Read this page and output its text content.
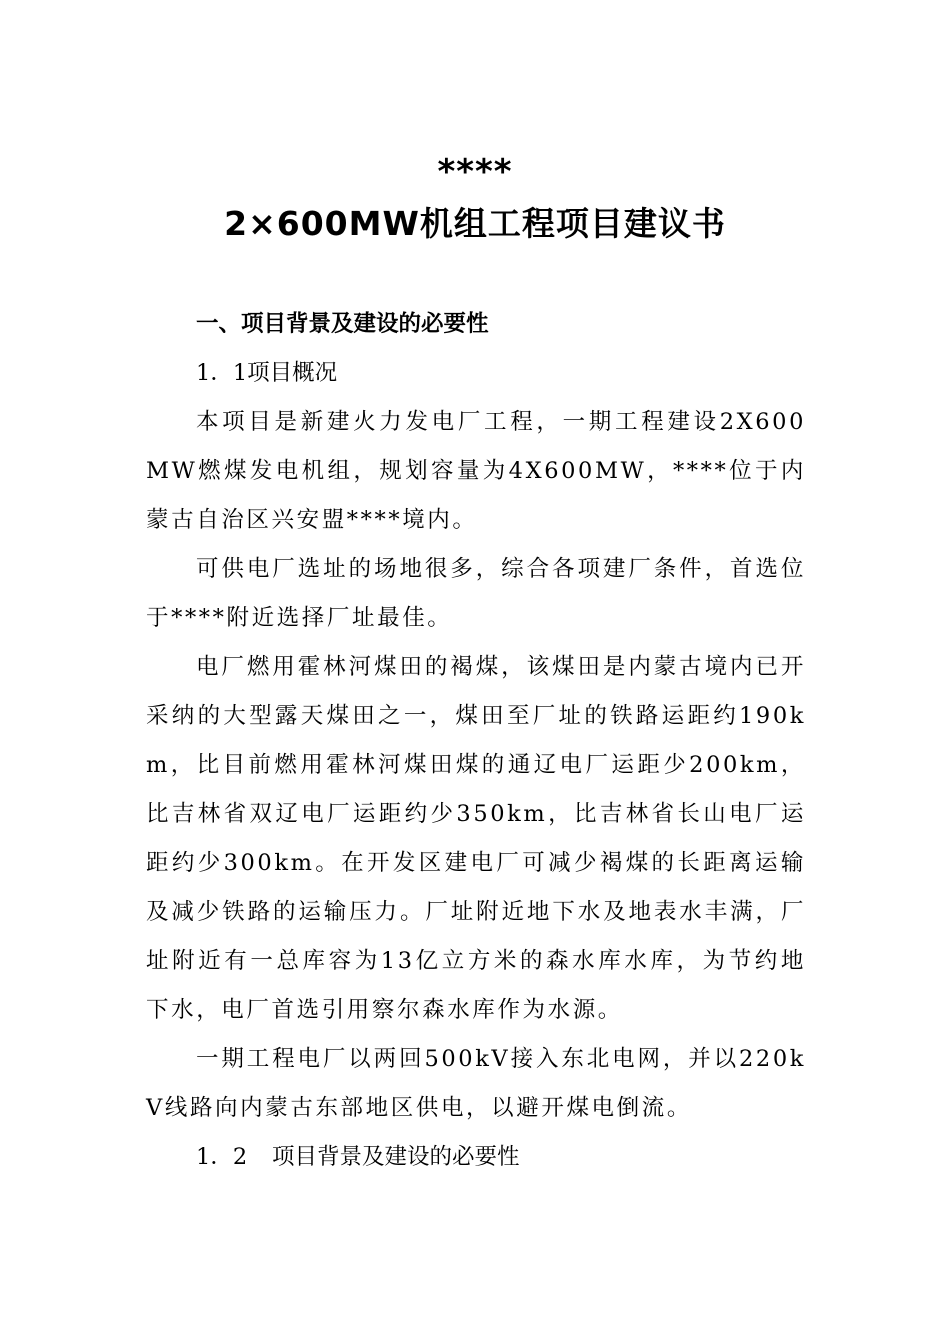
****
2×600MW机组工程项目建议书

一、项目背景及建设的必要性

1．1项目概况

本项目是新建火力发电厂工程，一期工程建设2X600MW燃煤发电机组，规划容量为4X600MW，****位于内蒙古自治区兴安盟****境内。

可供电厂选址的场地很多，综合各项建厂条件，首选位于****附近选择厂址最佳。

电厂燃用霍林河煤田的褐煤，该煤田是内蒙古境内已开采纳的大型露天煤田之一，煤田至厂址的铁路运距约190km，比目前燃用霍林河煤田煤的通辽电厂运距少200km，比吉林省双辽电厂运距约少350km，比吉林省长山电厂运距约少300km。在开发区建电厂可减少褐煤的长距离运输及减少铁路的运输压力。厂址附近地下水及地表水丰满，厂址附近有一总库容为13亿立方米的森水库水库，为节约地下水，电厂首选引用察尔森水库作为水源。

一期工程电厂以两回500kV接入东北电网，并以220kV线路向内蒙古东部地区供电，以避开煤电倒流。

1．2 项目背景及建设的必要性
